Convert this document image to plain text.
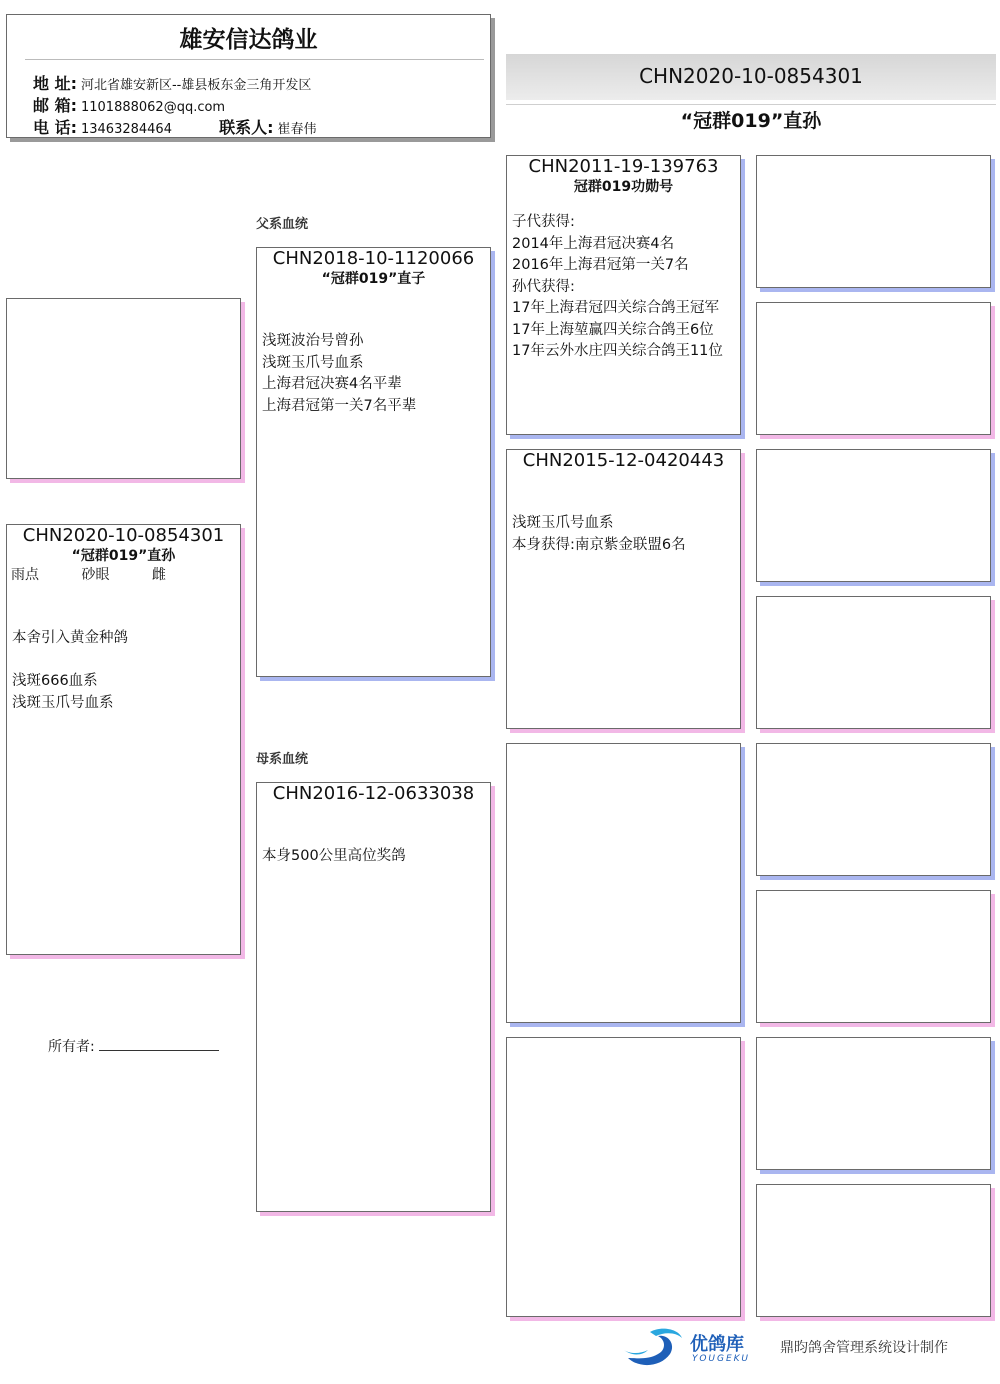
雄安信达鸽业
地 址: 河北省雄安新区--雄县板东金三角开发区
邮 箱: 1101888062@qq.com
电 话: 13463284464	联系人: 崔春伟
CHN2020-10-0854301
“冠群019”直孙
父系血统
母系血统
CHN2020-10-0854301
“冠群019”直孙
雨点	砂眼	雌
本舍引入黄金种鸽
浅斑666血系
浅斑玉爪号血系
CHN2018-10-1120066
“冠群019”直子
浅斑波治号曾孙
浅斑玉爪号血系
上海君冠决赛4名平辈
上海君冠第一关7名平辈
CHN2016-12-0633038
本身500公里高位奖鸽
CHN2011-19-139763
冠群019功勋号
子代获得:
2014年上海君冠决赛4名
2016年上海君冠第一关7名
孙代获得:
17年上海君冠四关综合鸽王冠军
17年上海堃赢四关综合鸽王6位
17年云外水庄四关综合鸽王11位
CHN2015-12-0420443
浅斑玉爪号血系
本身获得:南京紫金联盟6名
所有者:
优鸽库
YOUGEKU
鼎昀鸽舍管理系统设计制作
